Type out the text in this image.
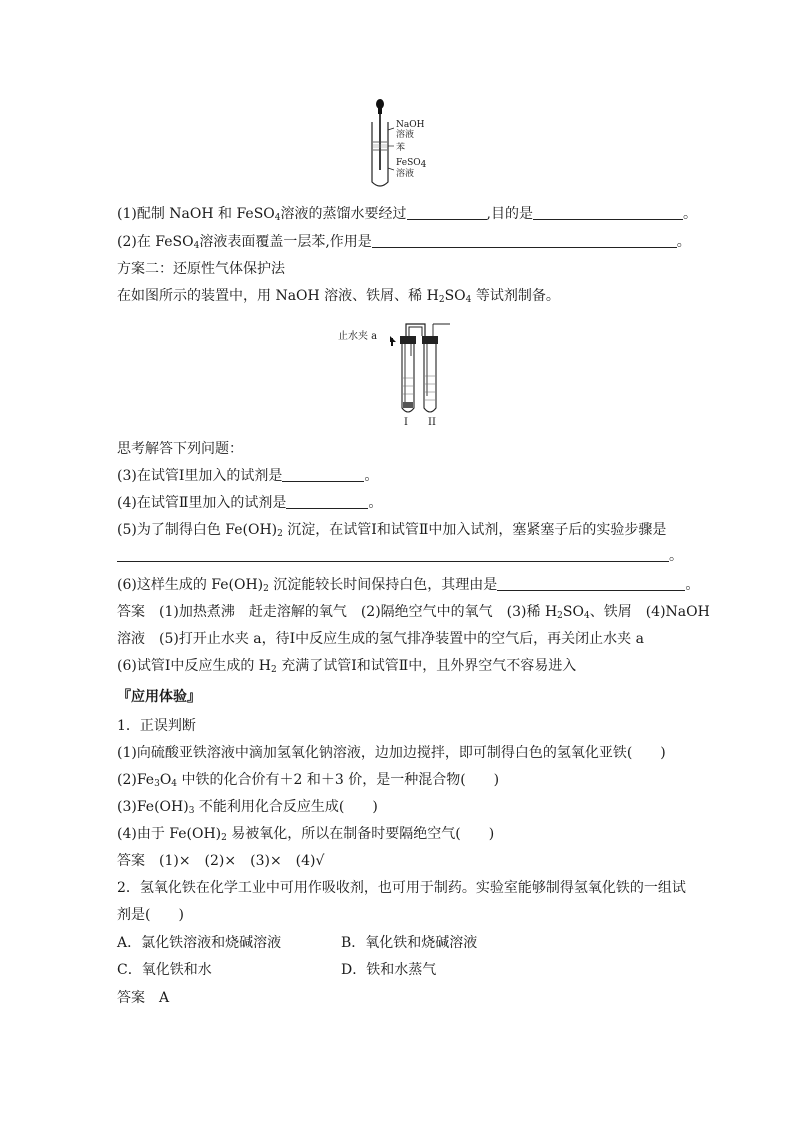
NaOH
溶液
苯
FeSO4
溶液
(1)配制 NaOH 和 FeSO$_4$溶液的蒸馏水要经过	,目的是	。
(2)在 FeSO$_4$溶液表面覆盖一层苯,作用是	。
方案二：还原性气体保护法
在如图所示的装置中，用 NaOH 溶液、铁屑、稀 $H_2SO_4$ 等试剂制备。
止水夹 a
I II
思考解答下列问题：
(3)在试管Ⅰ里加入的试剂是	。
(4)在试管Ⅱ里加入的试剂是	。
(5)为了制得白色 $Fe(OH)_2$ 沉淀，在试管Ⅰ和试管Ⅱ中加入试剂，塞紧塞子后的实验步骤是
。
(6)这样生成的 $Fe(OH)_2$ 沉淀能较长时间保持白色，其理由是	。
答案　(1)加热煮沸　赶走溶解的氧气　(2)隔绝空气中的氧气　(3)稀 $H_2SO_4$、铁屑　(4)NaOH
溶液　(5)打开止水夹 a，待Ⅰ中反应生成的氢气排净装置中的空气后，再关闭止水夹 a
(6)试管Ⅰ中反应生成的 $H_2$ 充满了试管Ⅰ和试管Ⅱ中，且外界空气不容易进入
『应用体验』
1．正误判断
(1)向硫酸亚铁溶液中滴加氢氧化钠溶液，边加边搅拌，即可制得白色的氢氧化亚铁(　　)
$(2)Fe_3O_4$ 中铁的化合价有＋2 和＋3 价，是一种混合物(　　)
$(3)Fe(OH)_3$ 不能利用化合反应生成(　　)
(4)由于 $Fe(OH)_2$ 易被氧化，所以在制备时要隔绝空气(　　)
答案　(1)×　(2)×　(3)×　(4)√
2．氢氧化铁在化学工业中可用作吸收剂，也可用于制药。实验室能够制得氢氧化铁的一组试
剂是(　　)
A．氯化铁溶液和烧碱溶液	B．氧化铁和烧碱溶液
C．氧化铁和水	D．铁和水蒸气
答案　A
